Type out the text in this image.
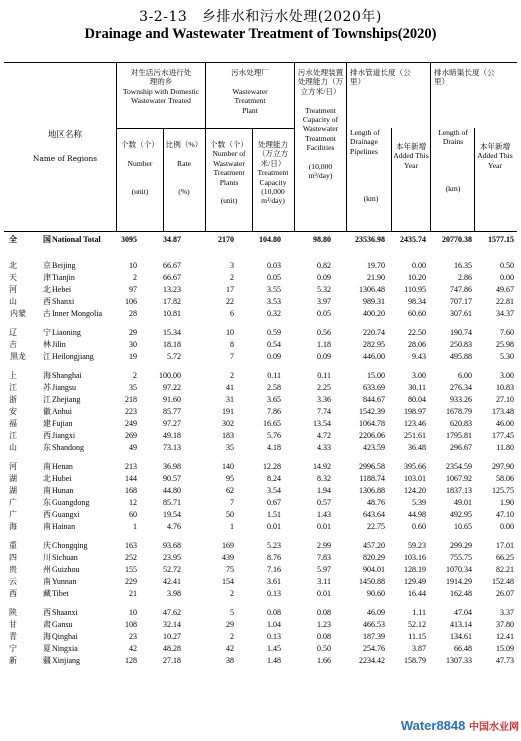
3-2-13　乡排水和污水处理(2020年)
Drainage and Wastewater Treatment of Townships(2020)
地区名称
Name of Regions
对生活污水进行处理的乡
Township with Domestic Wastewater Treated
个数（个）

Number

(unit)
比例（%）

Rate

(%)
污水处理厂

Wastewater Treatment Plant
个数（个）
Number of Wastwater Treatment Plants

(unit)
处理能力（万立方米/日）
Treatment Capacity (10,000 m³/day)
污水处理装置处理能力（万立方米/日）

Treatment Capacity of Wastewater Treatment Facilities

(10,000 m³/day)
排水管道长度（公里）
Length of Drainage Pipelines

(km)
本年新增
Added This Year
排水暗渠长度（公里）
Length of Drains

(km)
本年新增
Added This Year
全	国 National Total	3095	34.87	2170	104.80	98.80	23536.98 2435.74 20770.38 1577.15
北	京 Beijing	10	66.67	3	0.03	0.82	19.70	0.00	16.35	0.50
天	津 Tianjin	2	66.67	2	0.05	0.09	21.90	10.20	2.86	0.00
河	北 Hebei	97	13.23	17	3.55	5.32	1306.48 110.95	747.86	49.67
山	西 Shanxi	106	17.82	22	3.53	3.97	989.31	98.34	707.17	22.81
内蒙	古 Inner Mongolia	28	10.81	6	0.32	0.05	400.20	60.60	307.61	34.37
辽	宁 Liaoning	29	15.34	10	0.59	0.56	220.74	22.50	190.74	7.60
吉	林 Jilin	30	18.18	8	0.54	1.18	282.95	28.06	250.83	25.98
黑龙	江 Heilongjiang	19	5.72	7	0.09	0.09	446.00	9.43	495.88	5.30
上	海 Shanghai	2	100.00	2	0.11	0.11	15.00	3.00	6.00	3.00
江	苏 Jiangsu	35	97.22	41	2.58	2.25	633.69	30.11	276.34	10.83
浙	江 Zhejiang	218	91.60	31	3.65	3.36	844.67	80.04	933.26	27.10
安	徽 Anhui	223	85.77	191	7.86	7.74	1542.39 198.97	1678.79	173.48
福	建 Fujian	249	97.27	302	16.65	13.54	1064.78 123.46	620.83	46.00
江	西 Jiangxi	269	49.18	183	5.76	4.72	2206.06 251.61	1795.81	177.45
山	东 Shandong	49	73.13	35	4.18	4.33	423.59	36.48	296.67	11.80
河	南 Henan	213	36.98	140	12.28	14.92	2996.58 395.66	2354.59	297.90
湖	北 Hubei	144	90.57	95	8.24	8.32	1188.74 103.01	1067.92	58.06
湖	南 Hunan	168	44.80	62	3.54	1.94	1306.88 124.20	1837.13	125.75
广	东 Guangdong	12	85.71	7	0.67	0.57	48.76	5.39	49.01	1.90
广	西 Guangxi	60	19.54	50	1.51	1.43	643.64	44.98	492.95	47.10
海	南 Hainan	1	4.76	1	0.01	0.01	22.75	0.60	10.65	0.00
重	庆 Chongqing	163	93.68	169	5.23	2.99	457.20	59.23	299.29	17.01
四	川 Sichuan	252	23.95	439	8.76	7.83	820.29 103.16	755.75	66.25
贵	州 Guizhou	155	52.72	75	7.16	5.97	904.01 128.19	1070.34	82.21
云	南 Yunnan	229	42.41	154	3.61	3.11	1450.88 129.49	1914.29	152.48
西	藏 Tibet	21	3.98	2	0.13	0.01	90.60	16.44	162.48	26.07
陕	西 Shaanxi	10	47.62	5	0.08	0.08	46.09	1.11	47.04	3.37
甘	肃 Gansu	108	32.14	29	1.04	1.23	466.53	52.12	413.14	37.80
青	海 Qinghai	23	10.27	2	0.13	0.08	187.39	11.15	134.61	12.41
宁	夏 Ningxia	42	48.28	42	1.45	0.50	254.76	3.87	66.48	15.09
新	疆 Xinjiang	128	27.18	38	1.48	1.66	2234.42 158.79	1307.33	47.73
Water8848 中国水业网
